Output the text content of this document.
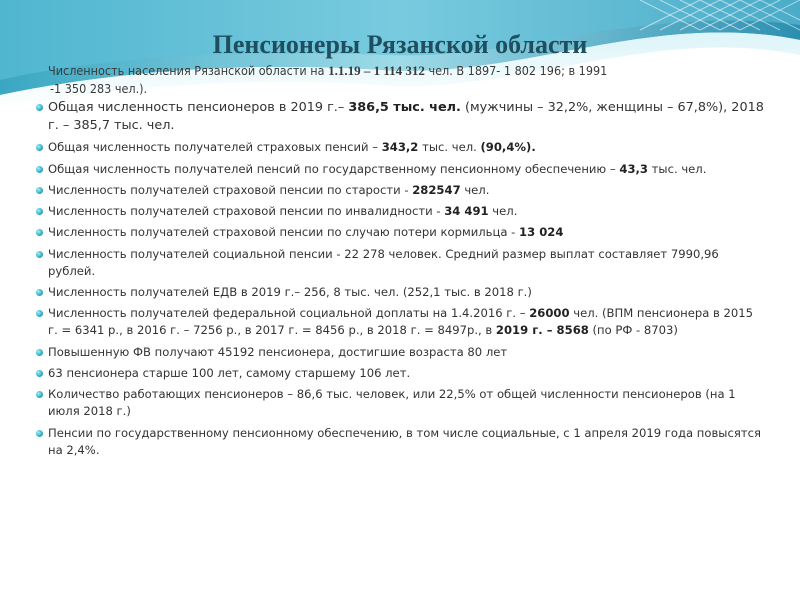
Пенсионеры Рязанской области
Численность населения Рязанской области на 1.1.19 – 1 114 312 чел. В 1897- 1 802 196; в 1991
-1 350 283 чел.).
Общая численность пенсионеров в 2019 г.– 386,5 тыс. чел. (мужчины – 32,2%, женщины – 67,8%), 2018 г. – 385,7 тыс. чел.
Общая численность получателей страховых пенсий – 343,2 тыс. чел. (90,4%).
Общая численность получателей пенсий по государственному пенсионному обеспечению – 43,3 тыс. чел.
Численность получателей страховой пенсии по старости - 282547 чел.
Численность получателей страховой пенсии по инвалидности - 34 491 чел.
Численность получателей страховой пенсии по случаю потери кормильца - 13 024
Численность получателей социальной пенсии - 22 278 человек. Средний размер выплат составляет 7990,96 рублей.
Численность получателей ЕДВ в 2019 г.– 256, 8 тыс. чел. (252,1 тыс. в 2018 г.)
Численность получателей федеральной социальной доплаты на 1.4.2016 г. – 26000 чел. (ВПМ пенсионера в 2015 г. = 6341 р., в 2016 г. – 7256 р., в 2017 г. = 8456 р., в 2018 г. = 8497р., в 2019 г. – 8568 (по РФ - 8703)
Повышенную ФВ получают 45192 пенсионера, достигшие возраста 80 лет
63 пенсионера старше 100 лет, самому старшему 106 лет.
Количество работающих пенсионеров – 86,6 тыс. человек, или 22,5% от общей численности пенсионеров (на 1 июля 2018 г.)
Пенсии по государственному пенсионному обеспечению, в том числе социальные, с 1 апреля 2019 года повысятся на 2,4%.
